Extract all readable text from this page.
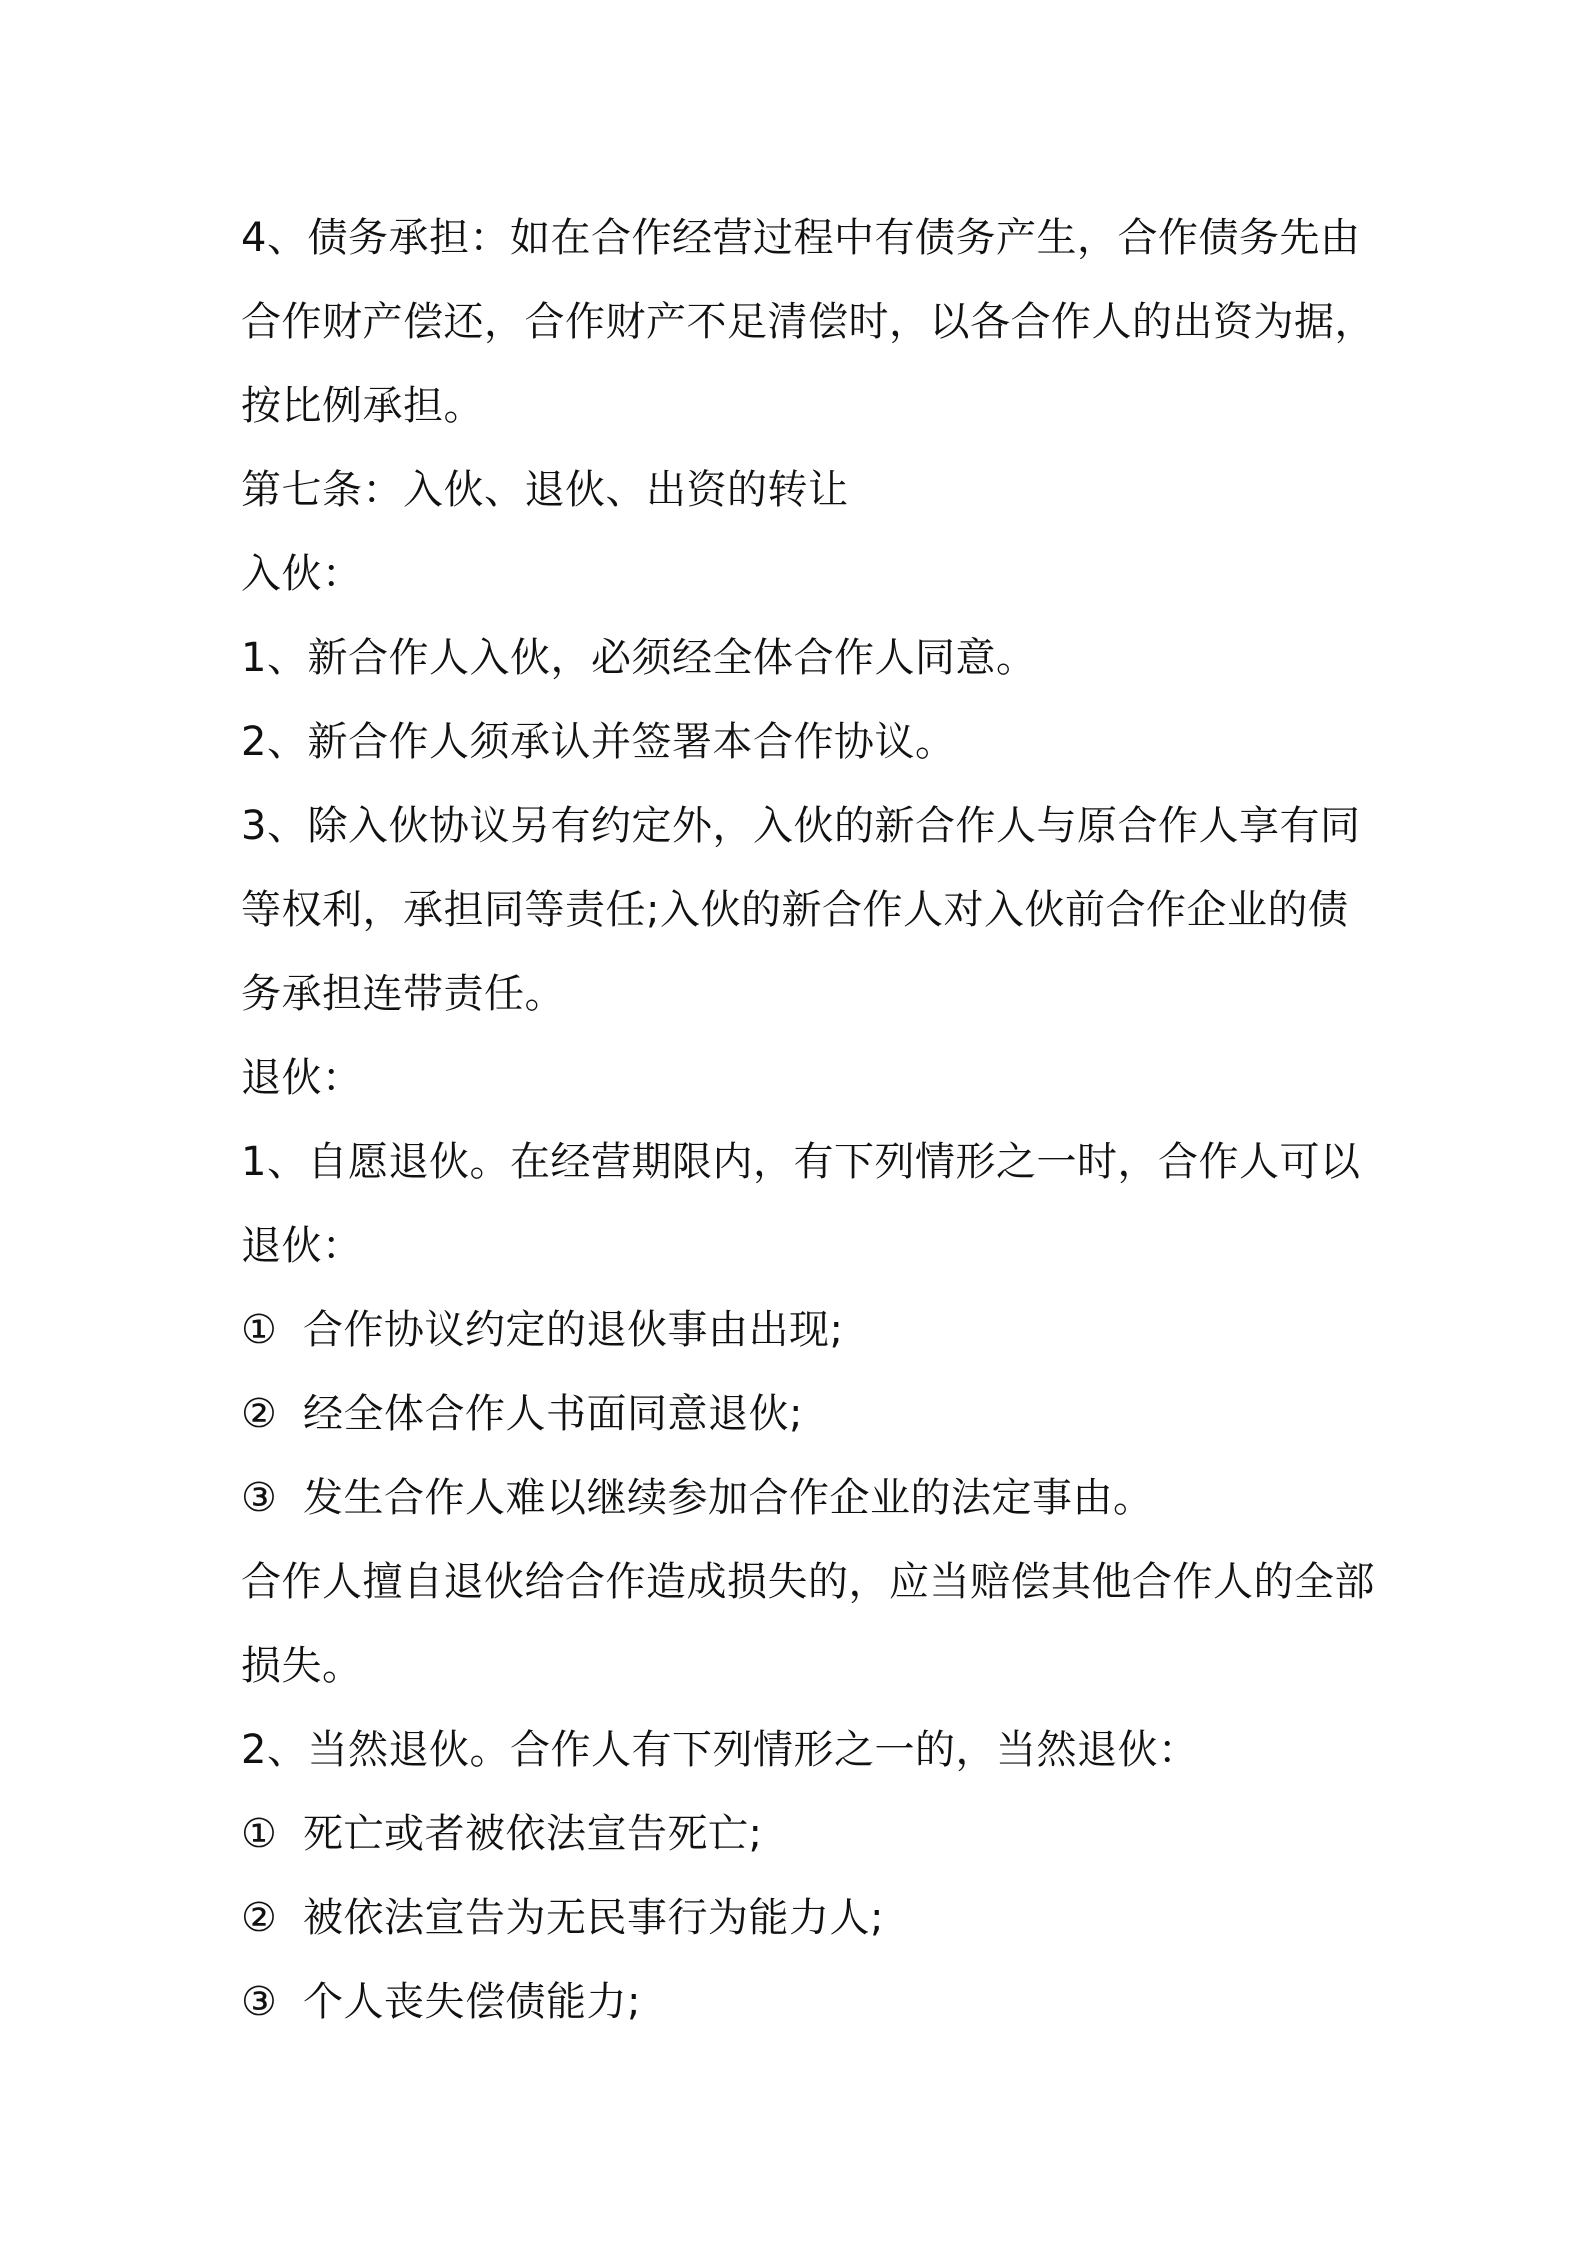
4、债务承担：如在合作经营过程中有债务产生，合作债务先由
合作财产偿还，合作财产不足清偿时，以各合作人的出资为据，
按比例承担。
第七条：入伙、退伙、出资的转让
入伙：
1、新合作人入伙，必须经全体合作人同意。
2、新合作人须承认并签署本合作协议。
3、除入伙协议另有约定外，入伙的新合作人与原合作人享有同
等权利，承担同等责任;入伙的新合作人对入伙前合作企业的债
务承担连带责任。
退伙：
1、自愿退伙。在经营期限内，有下列情形之一时，合作人可以
退伙：
① 合作协议约定的退伙事由出现;
② 经全体合作人书面同意退伙;
③ 发生合作人难以继续参加合作企业的法定事由。
合作人擅自退伙给合作造成损失的，应当赔偿其他合作人的全部
损失。
2、当然退伙。合作人有下列情形之一的，当然退伙：
① 死亡或者被依法宣告死亡;
② 被依法宣告为无民事行为能力人;
③ 个人丧失偿债能力;
